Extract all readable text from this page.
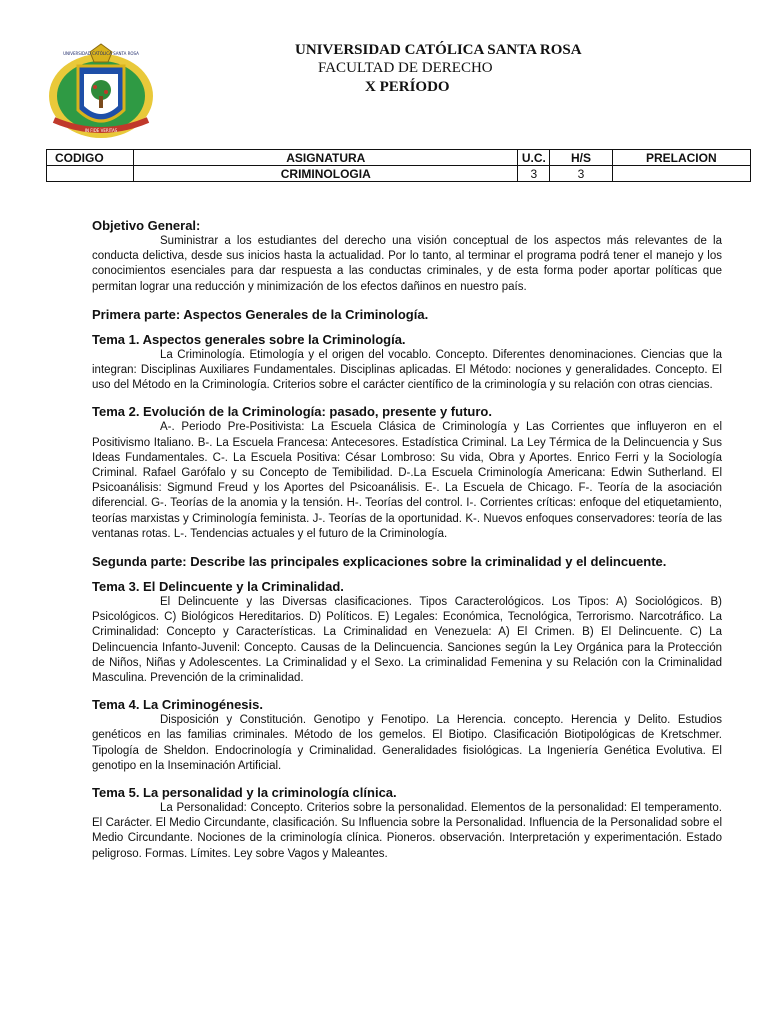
UNIVERSIDAD CATÓLICA SANTA ROSA
IN FIDE VERITAS
UNIVERSIDAD CATÓLICA SANTA ROSA
FACULTAD DE DERECHO
X PERÍODO
CODIGO	ASIGNATURA	U.C.	H/S	PRELACION
	CRIMINOLOGIA	3	3	

Objetivo General:

Suministrar a los estudiantes del derecho una visión conceptual de los aspectos más relevantes de la conducta delictiva, desde sus inicios hasta la actualidad. Por lo tanto, al terminar el programa podrá tener el manejo y los conocimientos esenciales para dar respuesta a las conductas criminales, y de esta forma poder aportar políticas que permitan lograr una reducción y minimización de los efectos dañinos en nuestro país.

Primera parte: Aspectos Generales de la Criminología.

Tema 1. Aspectos generales sobre la Criminología.

La Criminología. Etimología y el origen del vocablo. Concepto. Diferentes denominaciones. Ciencias que la integran: Disciplinas Auxiliares Fundamentales. Disciplinas aplicadas. El Método: nociones y generalidades. Concepto. El uso del Método en la Criminología. Criterios sobre el carácter científico de la criminología y su relación con otras ciencias.

Tema 2. Evolución de la Criminología: pasado, presente y futuro.

A-. Periodo Pre-Positivista: La Escuela Clásica de Criminología y Las Corrientes que influyeron en el Positivismo Italiano. B-. La Escuela Francesa: Antecesores. Estadística Criminal. La Ley Térmica de la Delincuencia y Sus Ideas Fundamentales. C-. La Escuela Positiva: César Lombroso: Su vida, Obra y Aportes. Enrico Ferri y la Sociología Criminal. Rafael Garófalo y su Concepto de Temibilidad. D-.La Escuela Criminología Americana: Edwin Sutherland. El Psicoanálisis: Sigmund Freud y los Aportes del Psicoanálisis. E-. La Escuela de Chicago. F-. Teoría de la asociación diferencial. G-. Teorías de la anomia y la tensión. H-. Teorías del control. I-. Corrientes críticas: enfoque del etiquetamiento, teorías marxistas y Criminología feminista. J-. Teorías de la oportunidad. K-. Nuevos enfoques conservadores: teoría de las ventanas rotas. L-. Tendencias actuales y el futuro de la Criminología.

Segunda parte: Describe las principales explicaciones sobre la criminalidad y el delincuente.

Tema 3. El Delincuente y la Criminalidad.

El Delincuente y las Diversas clasificaciones. Tipos Caracterológicos. Los Tipos: A) Sociológicos. B) Psicológicos. C) Biológicos Hereditarios. D) Políticos. E) Legales: Económica, Tecnológica, Terrorismo. Narcotráfico. La Criminalidad: Concepto y Características. La Criminalidad en Venezuela: A) El Crimen. B) El Delincuente. C) La Delincuencia Infanto-Juvenil: Concepto. Causas de la Delincuencia. Sanciones según la Ley Orgánica para la Protección de Niños, Niñas y Adolescentes. La Criminalidad y el Sexo. La criminalidad Femenina y su Relación con la Criminalidad Masculina. Prevención de la criminalidad.

Tema 4. La Criminogénesis.

Disposición y Constitución. Genotipo y Fenotipo. La Herencia. concepto. Herencia y Delito. Estudios genéticos en las familias criminales. Método de los gemelos. El Biotipo. Clasificación Biotipológicas de Kretschmer. Tipología de Sheldon. Endocrinología y Criminalidad. Generalidades fisiológicas. La Ingeniería Genética Evolutiva. El genotipo en la Inseminación Artificial.

Tema 5. La personalidad y la criminología clínica.

La Personalidad: Concepto. Criterios sobre la personalidad. Elementos de la personalidad: El temperamento. El Carácter. El Medio Circundante, clasificación. Su Influencia sobre la Personalidad. Influencia de la Personalidad sobre el Medio Circundante. Nociones de la criminología clínica. Pioneros. observación. Interpretación y experimentación. Estado peligroso. Formas. Límites. Ley sobre Vagos y Maleantes.
